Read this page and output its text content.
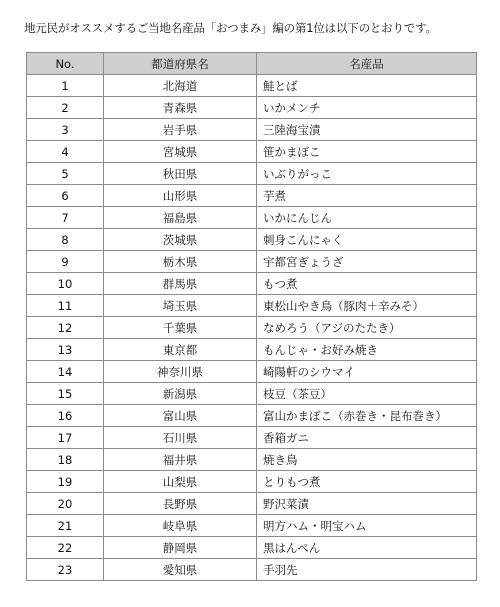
地元民がオススメするご当地名産品「おつまみ」編の第1位は以下のとおりです。
No.	都道府県名	名産品
1	北海道	鮭とば
2	青森県	いかメンチ
3	岩手県	三陸海宝漬
4	宮城県	笹かまぼこ
5	秋田県	いぶりがっこ
6	山形県	芋煮
7	福島県	いかにんじん
8	茨城県	刺身こんにゃく
9	栃木県	宇都宮ぎょうざ
10	群馬県	もつ煮
11	埼玉県	東松山やき鳥（豚肉＋辛みそ）
12	千葉県	なめろう（アジのたたき）
13	東京都	もんじゃ・お好み焼き
14	神奈川県	崎陽軒のシウマイ
15	新潟県	枝豆（茶豆）
16	富山県	富山かまぼこ（赤巻き・昆布巻き）
17	石川県	香箱ガニ
18	福井県	焼き鳥
19	山梨県	とりもつ煮
20	長野県	野沢菜漬
21	岐阜県	明方ハム・明宝ハム
22	静岡県	黒はんぺん
23	愛知県	手羽先
